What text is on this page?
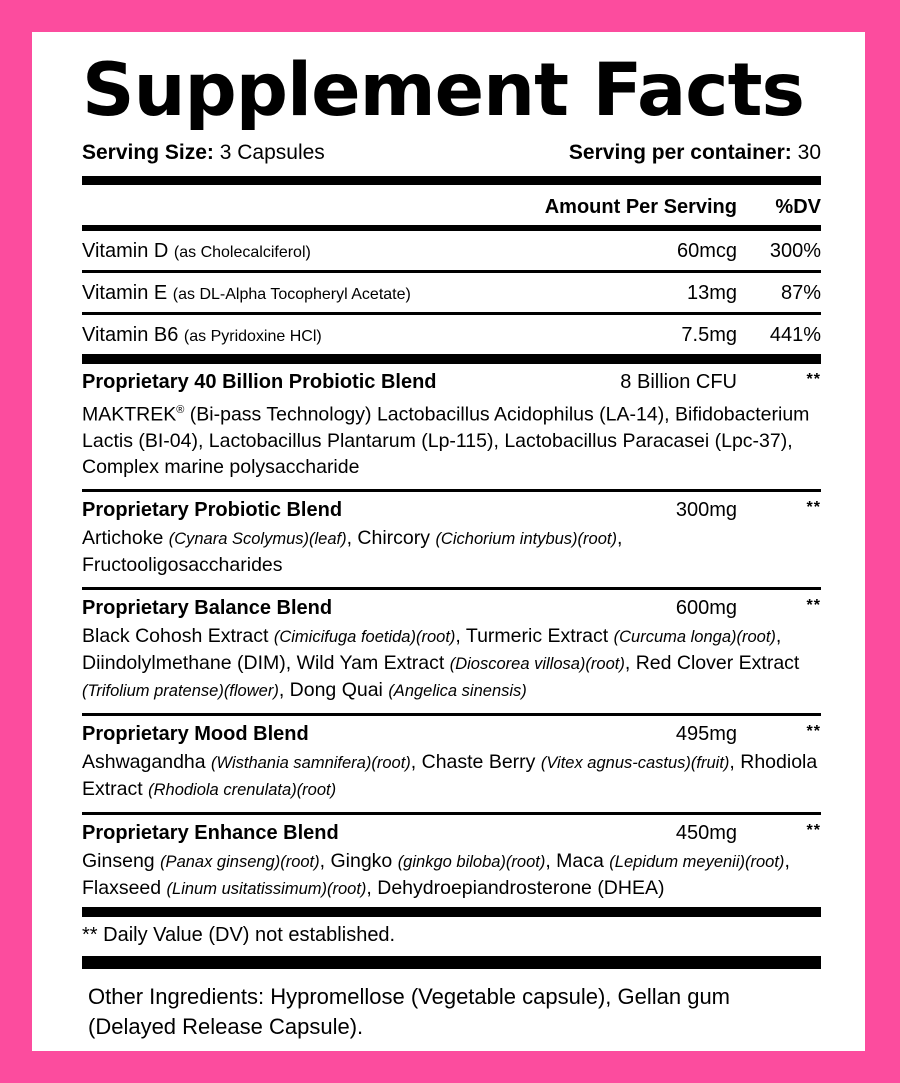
Supplement Facts
Serving Size: 3 Capsules	Serving per container: 30
Amount Per Serving	%DV
Vitamin D (as Cholecalciferol)	60mcg	300%
Vitamin E (as DL-Alpha Tocopheryl Acetate)	13mg	87%
Vitamin B6 (as Pyridoxine HCl)	7.5mg	441%
Proprietary 40 Billion Probiotic Blend	8 Billion CFU	**

MAKTREK® (Bi-pass Technology) Lactobacillus Acidophilus (LA-14), Bifidobacterium Lactis (BI-04), Lactobacillus Plantarum (Lp-115), Lactobacillus Paracasei (Lpc-37), Complex marine polysaccharide

Proprietary Probiotic Blend	300mg	**

Artichoke (Cynara Scolymus)(leaf), Chircory (Cichorium intybus)(root), Fructooligosaccharides

Proprietary Balance Blend	600mg	**

Black Cohosh Extract (Cimicifuga foetida)(root), Turmeric Extract (Curcuma longa)(root), Diindolylmethane (DIM), Wild Yam Extract (Dioscorea villosa)(root), Red Clover Extract (Trifolium pratense)(flower), Dong Quai (Angelica sinensis)

Proprietary Mood Blend	495mg	**

Ashwagandha (Wisthania samnifera)(root), Chaste Berry (Vitex agnus-castus)(fruit), Rhodiola Extract (Rhodiola crenulata)(root)

Proprietary Enhance Blend	450mg	**

Ginseng (Panax ginseng)(root), Gingko (ginkgo biloba)(root), Maca (Lepidum meyenii)(root), Flaxseed (Linum usitatissimum)(root), Dehydroepiandrosterone (DHEA)

** Daily Value (DV) not established.

Other Ingredients: Hypromellose (Vegetable capsule), Gellan gum (Delayed Release Capsule).
